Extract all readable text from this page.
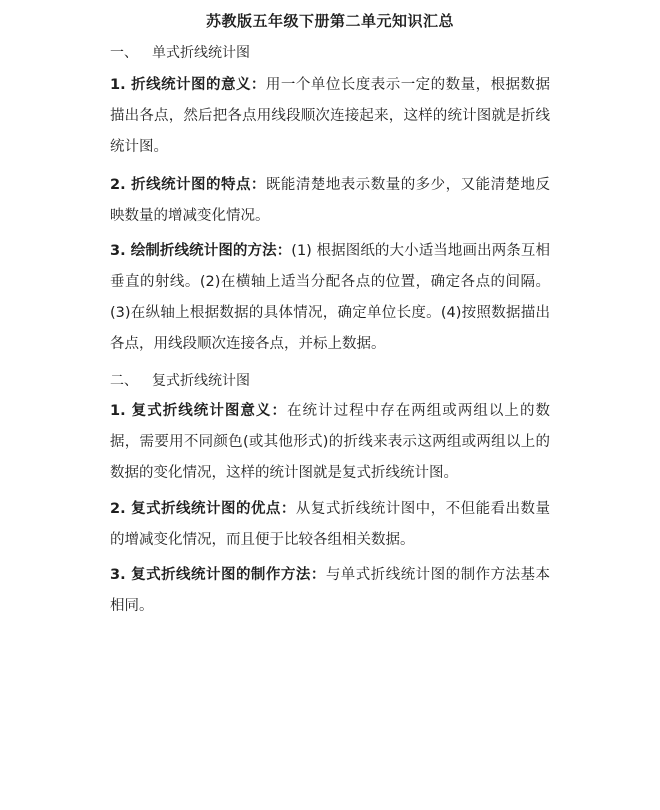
苏教版五年级下册第二单元知识汇总
一、 单式折线统计图
1. 折线统计图的意义：用一个单位长度表示一定的数量，根据数据描出各点，然后把各点用线段顺次连接起来，这样的统计图就是折线统计图。
2. 折线统计图的特点：既能清楚地表示数量的多少，又能清楚地反映数量的增减变化情况。
3. 绘制折线统计图的方法：(1) 根据图纸的大小适当地画出两条互相垂直的射线。(2)在横轴上适当分配各点的位置，确定各点的间隔。(3)在纵轴上根据数据的具体情况，确定单位长度。(4)按照数据描出各点，用线段顺次连接各点，并标上数据。
二、 复式折线统计图
1. 复式折线统计图意义：在统计过程中存在两组或两组以上的数据，需要用不同颜色(或其他形式)的折线来表示这两组或两组以上的数据的变化情况，这样的统计图就是复式折线统计图。
2. 复式折线统计图的优点：从复式折线统计图中，不但能看出数量的增减变化情况，而且便于比较各组相关数据。
3. 复式折线统计图的制作方法：与单式折线统计图的制作方法基本相同。
